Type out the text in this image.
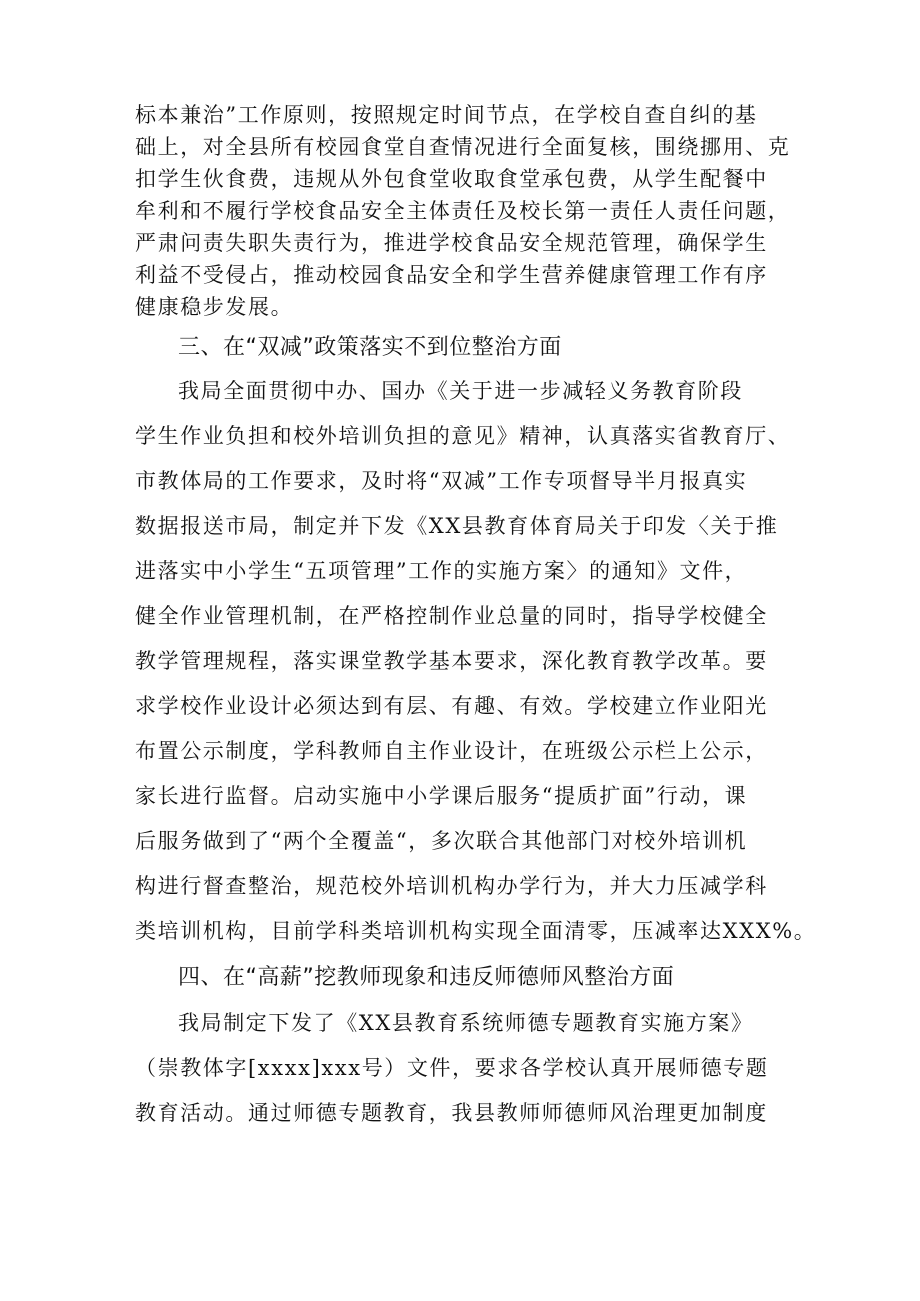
标本兼治”工作原则，按照规定时间节点，在学校自查自纠的基
础上，对全县所有校园食堂自查情况进行全面复核，围绕挪用、克
扣学生伙食费，违规从外包食堂收取食堂承包费，从学生配餐中
牟利和不履行学校食品安全主体责任及校长第一责任人责任问题，
严肃问责失职失责行为，推进学校食品安全规范管理，确保学生
利益不受侵占，推动校园食品安全和学生营养健康管理工作有序
健康稳步发展。
三、在“双减”政策落实不到位整治方面
我局全面贯彻中办、国办《关于进一步减轻义务教育阶段
学生作业负担和校外培训负担的意见》精神，认真落实省教育厅、
市教体局的工作要求，及时将“双减”工作专项督导半月报真实
数据报送市局，制定并下发《XX县教育体育局关于印发〈关于推
进落实中小学生“五项管理”工作的实施方案〉的通知》文件，
健全作业管理机制，在严格控制作业总量的同时，指导学校健全
教学管理规程，落实课堂教学基本要求，深化教育教学改革。要
求学校作业设计必须达到有层、有趣、有效。学校建立作业阳光
布置公示制度，学科教师自主作业设计，在班级公示栏上公示，
家长进行监督。启动实施中小学课后服务“提质扩面”行动，课
后服务做到了“两个全覆盖“，多次联合其他部门对校外培训机
构进行督查整治，规范校外培训机构办学行为，并大力压减学科
类培训机构，目前学科类培训机构实现全面清零，压减率达XXX%。
四、在“高薪”挖教师现象和违反师德师风整治方面
我局制定下发了《XX县教育系统师德专题教育实施方案》
（崇教体字[xxxx]xxx号）文件，要求各学校认真开展师德专题
教育活动。通过师德专题教育，我县教师师德师风治理更加制度
